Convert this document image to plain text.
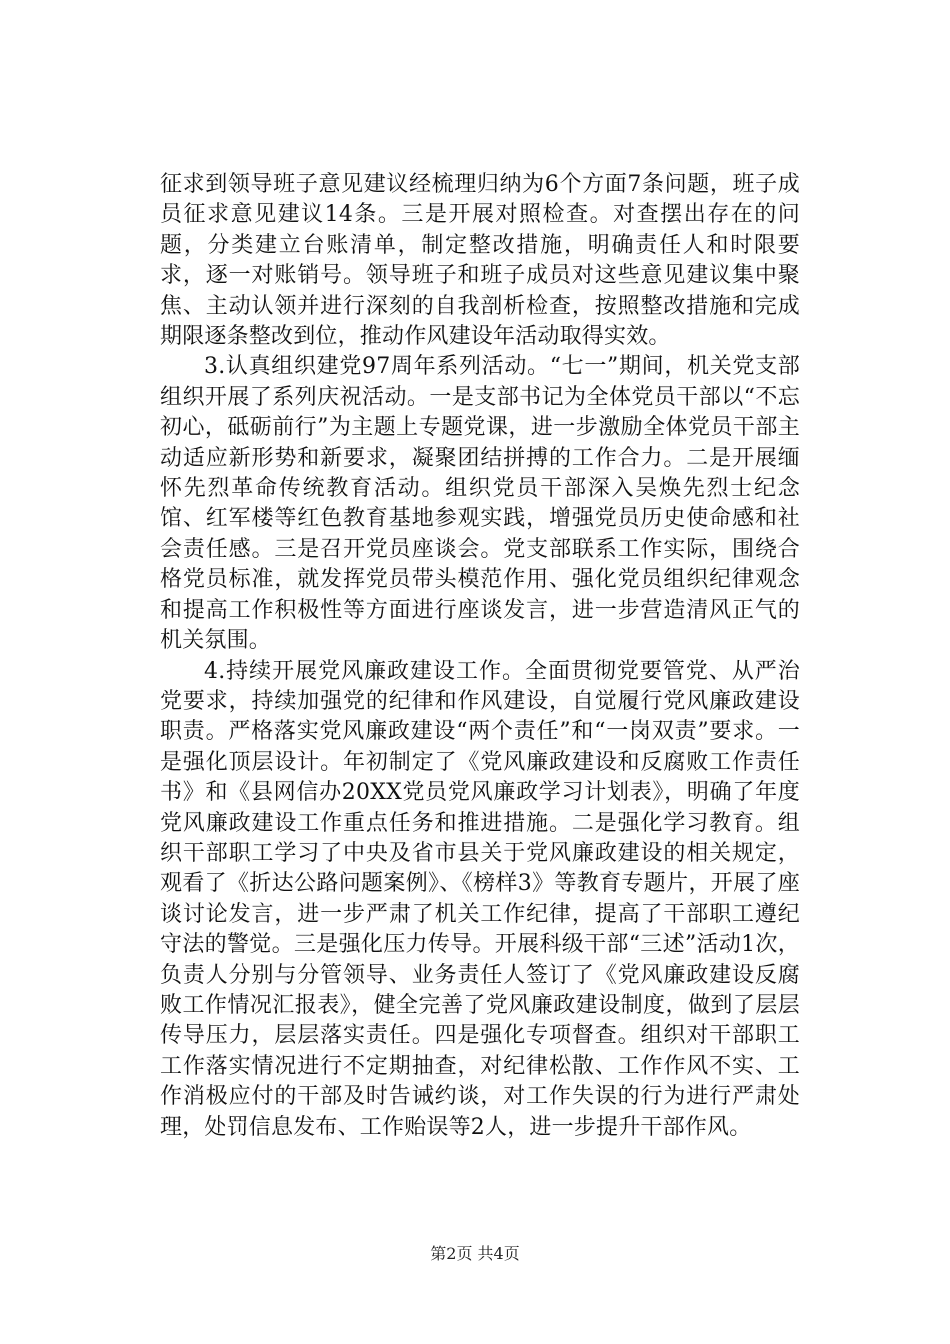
征求到领导班子意见建议经梳理归纳为6个方面7条问题，班子成员征求意见建议14条。三是开展对照检查。对查摆出存在的问题，分类建立台账清单，制定整改措施，明确责任人和时限要求，逐一对账销号。领导班子和班子成员对这些意见建议集中聚焦、主动认领并进行深刻的自我剖析检查，按照整改措施和完成期限逐条整改到位，推动作风建设年活动取得实效。

3.认真组织建党97周年系列活动。“七一”期间，机关党支部组织开展了系列庆祝活动。一是支部书记为全体党员干部以“不忘初心，砥砺前行”为主题上专题党课，进一步激励全体党员干部主动适应新形势和新要求，凝聚团结拼搏的工作合力。二是开展缅怀先烈革命传统教育活动。组织党员干部深入吴焕先烈士纪念馆、红军楼等红色教育基地参观实践，增强党员历史使命感和社会责任感。三是召开党员座谈会。党支部联系工作实际，围绕合格党员标准，就发挥党员带头模范作用、强化党员组织纪律观念和提高工作积极性等方面进行座谈发言，进一步营造清风正气的机关氛围。

4.持续开展党风廉政建设工作。全面贯彻党要管党、从严治党要求，持续加强党的纪律和作风建设，自觉履行党风廉政建设职责。严格落实党风廉政建设“两个责任”和“一岗双责”要求。一是强化顶层设计。年初制定了《党风廉政建设和反腐败工作责任书》和《县网信办20XX党员党风廉政学习计划表》，明确了年度党风廉政建设工作重点任务和推进措施。二是强化学习教育。组织干部职工学习了中央及省市县关于党风廉政建设的相关规定，观看了《折达公路问题案例》、《榜样3》等教育专题片，开展了座谈讨论发言，进一步严肃了机关工作纪律，提高了干部职工遵纪守法的警觉。三是强化压力传导。开展科级干部“三述”活动1次，负责人分别与分管领导、业务责任人签订了《党风廉政建设反腐败工作情况汇报表》，健全完善了党风廉政建设制度，做到了层层传导压力，层层落实责任。四是强化专项督查。组织对干部职工工作落实情况进行不定期抽查，对纪律松散、工作作风不实、工作消极应付的干部及时告诫约谈，对工作失误的行为进行严肃处理，处罚信息发布、工作贻误等2人，进一步提升干部作风。

第2页 共4页
